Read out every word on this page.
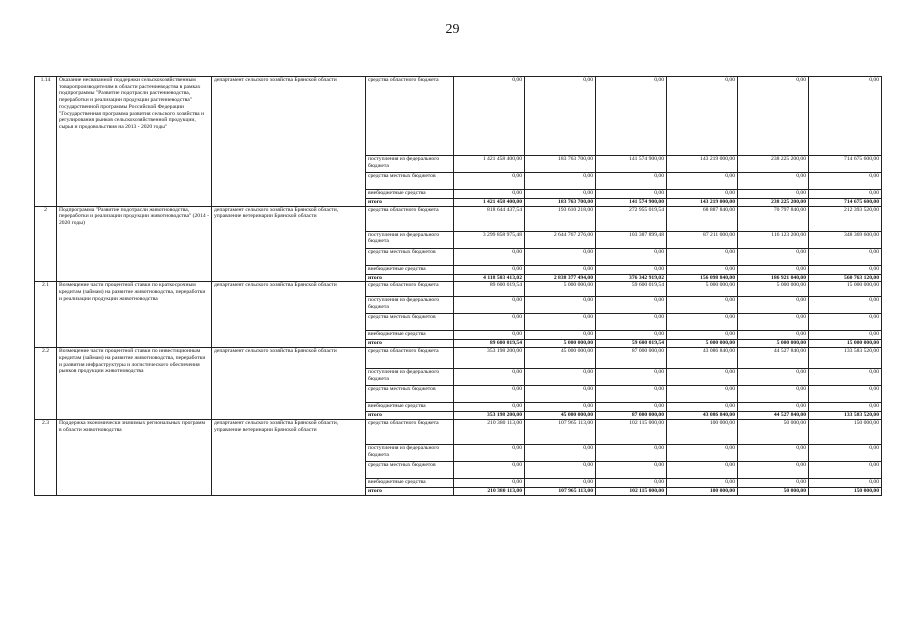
29
1.14	Оказание несвязанной поддержки сельскохозяйственным товаропроизводителям в области растениеводства в рамках подпрограммы "Развитие подотрасли растениеводства, переработки и реализации продукции растениеводства" государственной программы Российской Федерации "Государственная программа развития сельского хозяйства и регулирования рынков сельскохозяйственной продукции, сырья и продовольствия на 2013 - 2020 годы"	департамент сельского хозяйства Брянской области	средства областного бюджета	0,00	0,00	0,00	0,00	0,00	0,00
			поступления из федерального бюджета	1 421 458 400,00	183 763 700,00	141 574 900,00	143 219 000,00	238 225 200,00	714 675 600,00
			средства местных бюджетов	0,00	0,00	0,00	0,00	0,00	0,00
			внебюджетные средства	0,00	0,00	0,00	0,00	0,00	0,00
			итого	1 421 458 400,00	183 763 700,00	141 574 900,00	143 219 000,00	238 225 200,00	714 675 600,00
2	Подпрограмма "Развитие подотрасли животноводства, переработки и реализации продукции животноводства" (2014 - 2020 годы)	департамент сельского хозяйства Брянской области, управление ветеринарии Брянской области	средства областного бюджета	818 644 437,54	193 610 218,00	272 955 019,54	68 887 840,00	70 797 840,00	212 393 520,00
			поступления из федерального бюджета	3 299 858 975,48	2 644 767 276,00	103 387 899,48	87 211 000,00	116 123 200,00	348 369 600,00
			средства местных бюджетов	0,00	0,00	0,00	0,00	0,00	0,00
			внебюджетные средства	0,00	0,00	0,00	0,00	0,00	0,00
			итого	4 118 503 413,02	2 838 377 494,00	376 342 919,02	156 098 840,00	186 921 040,00	560 763 120,00
2.1	Возмещение части процентной ставки по краткосрочным кредитам (займам) на развитие животноводства, переработки и реализации продукции животноводства	департамент сельского хозяйства Брянской области	средства областного бюджета	89 600 019,54	5 000 000,00	59 600 019,54	5 000 000,00	5 000 000,00	15 000 000,00
			поступления из федерального бюджета	0,00	0,00	0,00	0,00	0,00	0,00
			средства местных бюджетов	0,00	0,00	0,00	0,00	0,00	0,00
			внебюджетные средства	0,00	0,00	0,00	0,00	0,00	0,00
			итого	89 600 019,54	5 000 000,00	59 600 019,54	5 000 000,00	5 000 000,00	15 000 000,00
2.2	Возмещение части процентной ставки по инвестиционным кредитам (займам) на развитие животноводства, переработки и развития инфраструктуры и логистического обеспечения рынков продукции животноводства	департамент сельского хозяйства Брянской области	средства областного бюджета	353 198 200,00	45 000 000,00	87 000 000,00	43 086 840,00	44 527 840,00	133 583 520,00
			поступления из федерального бюджета	0,00	0,00	0,00	0,00	0,00	0,00
			средства местных бюджетов	0,00	0,00	0,00	0,00	0,00	0,00
			внебюджетные средства	0,00	0,00	0,00	0,00	0,00	0,00
			итого	353 198 200,00	45 000 000,00	87 000 000,00	43 086 840,00	44 527 840,00	133 583 520,00
2.3	Поддержка экономически значимых региональных программ в области животноводства	департамент сельского хозяйства Брянской области, управление ветеринарии Брянской области	средства областного бюджета	210 380 113,00	107 965 113,00	102 115 000,00	100 000,00	50 000,00	150 000,00
			поступления из федерального бюджета	0,00	0,00	0,00	0,00	0,00	0,00
			средства местных бюджетов	0,00	0,00	0,00	0,00	0,00	0,00
			внебюджетные средства	0,00	0,00	0,00	0,00	0,00	0,00
			итого	210 380 113,00	107 965 113,00	102 115 000,00	100 000,00	50 000,00	150 000,00
